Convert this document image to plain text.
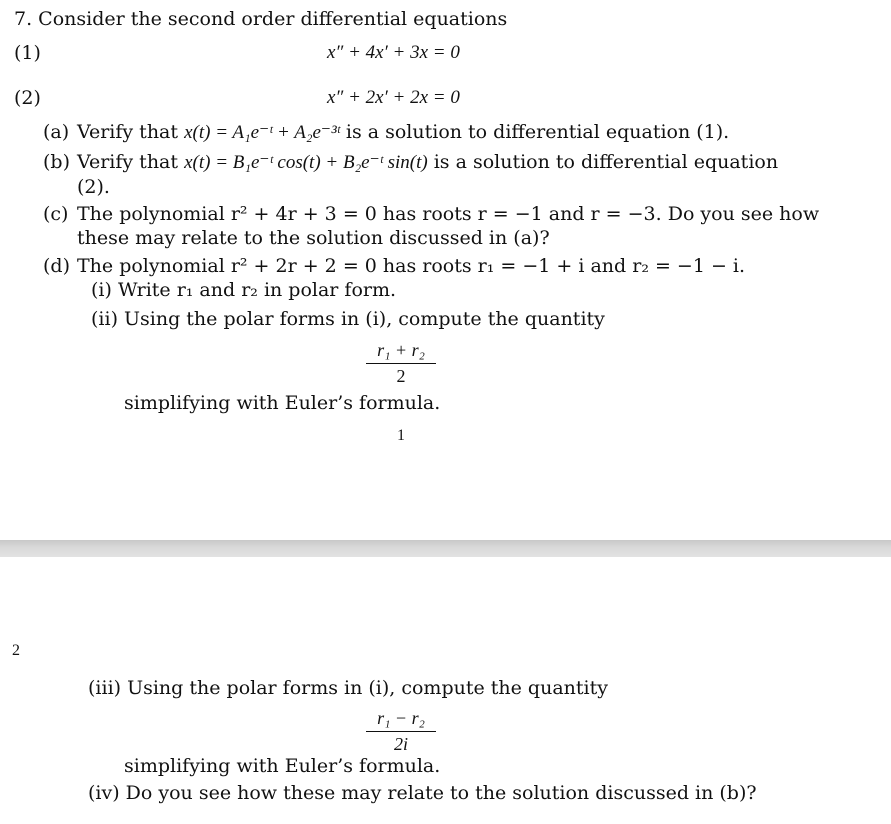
7. Consider the second order differential equations
(1)	x″ + 4x′ + 3x = 0
(2)	x″ + 2x′ + 2x = 0
(a) Verify that x(t) = A₁e⁻ᵗ + A₂e⁻³ᵗ is a solution to differential equation (1).
(b) Verify that x(t) = B₁e⁻ᵗ cos(t) + B₂e⁻ᵗ sin(t) is a solution to differential equation
(2).
(c) The polynomial r² + 4r + 3 = 0 has roots r = −1 and r = −3. Do you see how
these may relate to the solution discussed in (a)?
(d) The polynomial r² + 2r + 2 = 0 has roots r₁ = −1 + i and r₂ = −1 − i.
(i) Write r₁ and r₂ in polar form.
(ii) Using the polar forms in (i), compute the quantity
r₁ + r₂
2
simplifying with Euler’s formula.
1
2
(iii) Using the polar forms in (i), compute the quantity
r₁ − r₂
2i
simplifying with Euler’s formula.
(iv) Do you see how these may relate to the solution discussed in (b)?
